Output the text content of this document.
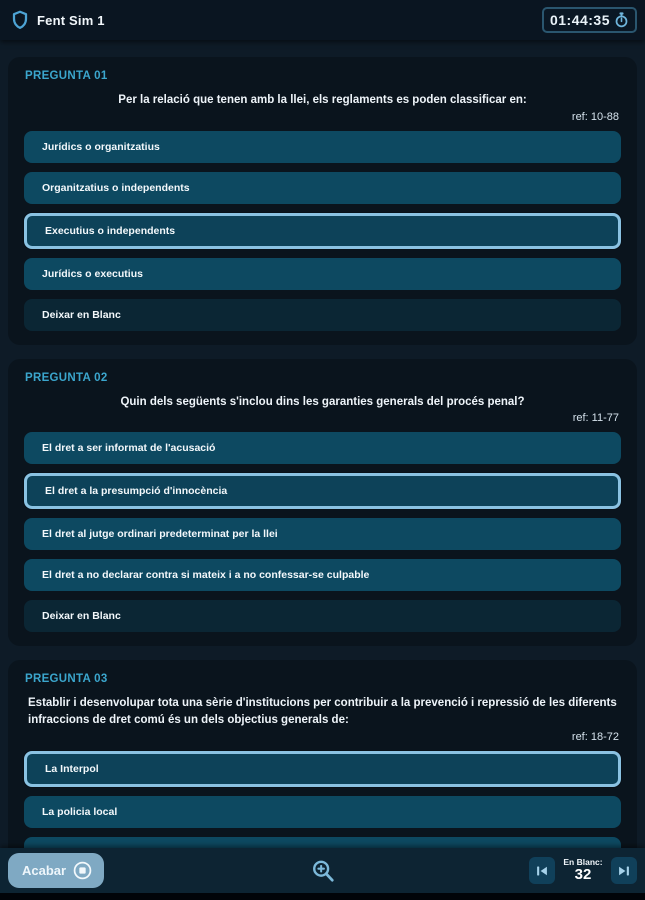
Fent Sim 1	01:44:35
PREGUNTA 01
Per la relació que tenen amb la llei, els reglaments es poden classificar en:
ref: 10-88
Jurídics o organitzatius
Organitzatius o independents
Executius o independents
Jurídics o executius
Deixar en Blanc
PREGUNTA 02
Quin dels següents s'inclou dins les garanties generals del procés penal?
ref: 11-77
El dret a ser informat de l'acusació
El dret a la presumpció d'innocència
El dret al jutge ordinari predeterminat per la llei
El dret a no declarar contra si mateix i a no confessar-se culpable
Deixar en Blanc
PREGUNTA 03
Establir i desenvolupar tota una sèrie d'institucions per contribuir a la prevenció i repressió de les diferents infraccions de dret comú és un dels objectius generals de:
ref: 18-72
La Interpol
La policia local
Acabar
En Blanc:
32
